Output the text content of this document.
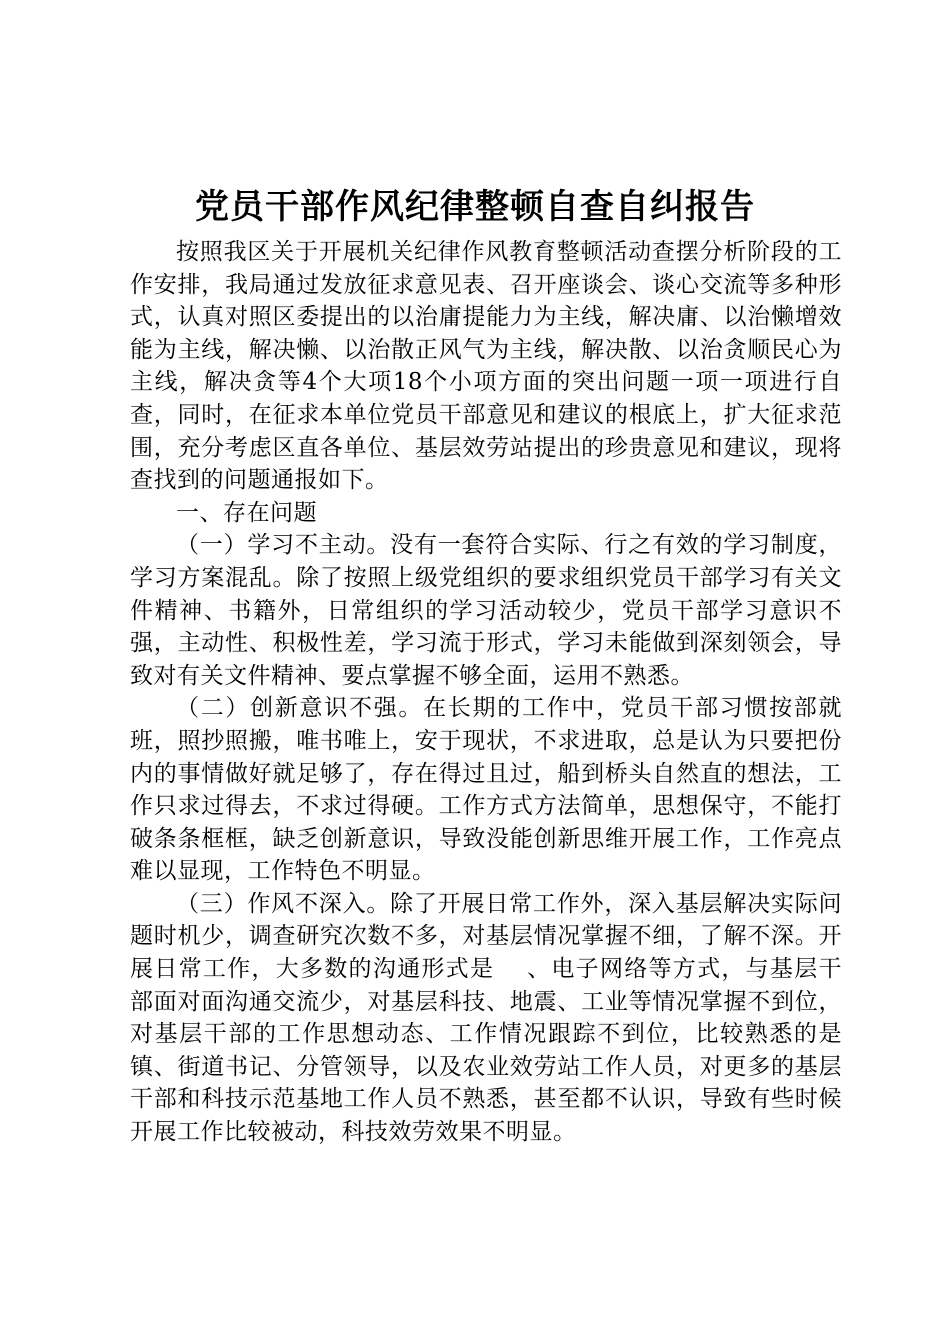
党员干部作风纪律整顿自查自纠报告

按照我区关于开展机关纪律作风教育整顿活动查摆分析阶段的工作安排，我局通过发放征求意见表、召开座谈会、谈心交流等多种形式，认真对照区委提出的以治庸提能力为主线，解决庸、以治懒增效能为主线，解决懒、以治散正风气为主线，解决散、以治贪顺民心为主线，解决贪等4个大项18个小项方面的突出问题一项一项进行自查，同时，在征求本单位党员干部意见和建议的根底上，扩大征求范围，充分考虑区直各单位、基层效劳站提出的珍贵意见和建议，现将查找到的问题通报如下。

一、存在问题

（一）学习不主动。没有一套符合实际、行之有效的学习制度，学习方案混乱。除了按照上级党组织的要求组织党员干部学习有关文件精神、书籍外，日常组织的学习活动较少，党员干部学习意识不强，主动性、积极性差，学习流于形式，学习未能做到深刻领会，导致对有关文件精神、要点掌握不够全面，运用不熟悉。

（二）创新意识不强。在长期的工作中，党员干部习惯按部就班，照抄照搬，唯书唯上，安于现状，不求进取，总是认为只要把份内的事情做好就足够了，存在得过且过，船到桥头自然直的想法，工作只求过得去，不求过得硬。工作方式方法简单，思想保守，不能打破条条框框，缺乏创新意识，导致没能创新思维开展工作，工作亮点难以显现，工作特色不明显。

（三）作风不深入。除了开展日常工作外，深入基层解决实际问题时机少，调查研究次数不多，对基层情况掌握不细，了解不深。开展日常工作，大多数的沟通形式是　 、电子网络等方式，与基层干部面对面沟通交流少，对基层科技、地震、工业等情况掌握不到位，对基层干部的工作思想动态、工作情况跟踪不到位，比较熟悉的是镇、街道书记、分管领导，以及农业效劳站工作人员，对更多的基层干部和科技示范基地工作人员不熟悉，甚至都不认识，导致有些时候开展工作比较被动，科技效劳效果不明显。
